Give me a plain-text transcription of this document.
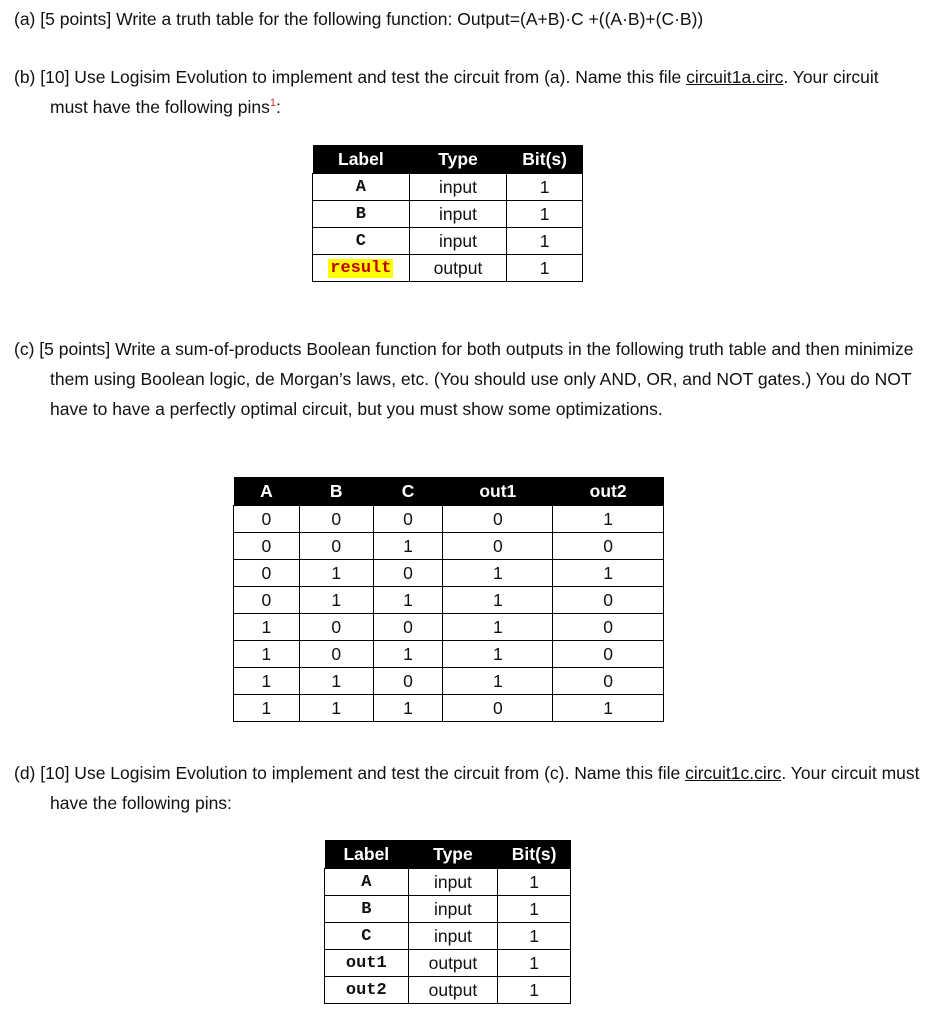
(a) [5 points] Write a truth table for the following function: Output=(A+B)·C +((A·B)+(C·B))
(b) [10] Use Logisim Evolution to implement and test the circuit from (a). Name this file circuit1a.circ. Your circuit must have the following pins$^1$:
Label	Type	Bit(s)
A	input	1
B	input	1
C	input	1
result	output	1
(c) [5 points] Write a sum-of-products Boolean function for both outputs in the following truth table and then minimize them using Boolean logic, de Morgan’s laws, etc. (You should use only AND, OR, and NOT gates.) You do NOT have to have a perfectly optimal circuit, but you must show some optimizations.
A	B	C	out1	out2
0	0	0	0	1
0	0	1	0	0
0	1	0	1	1
0	1	1	1	0
1	0	0	1	0
1	0	1	1	0
1	1	0	1	0
1	1	1	0	1
(d) [10] Use Logisim Evolution to implement and test the circuit from (c). Name this file circuit1c.circ. Your circuit must have the following pins:
Label	Type	Bit(s)
A	input	1
B	input	1
C	input	1
out1	output	1
out2	output	1
